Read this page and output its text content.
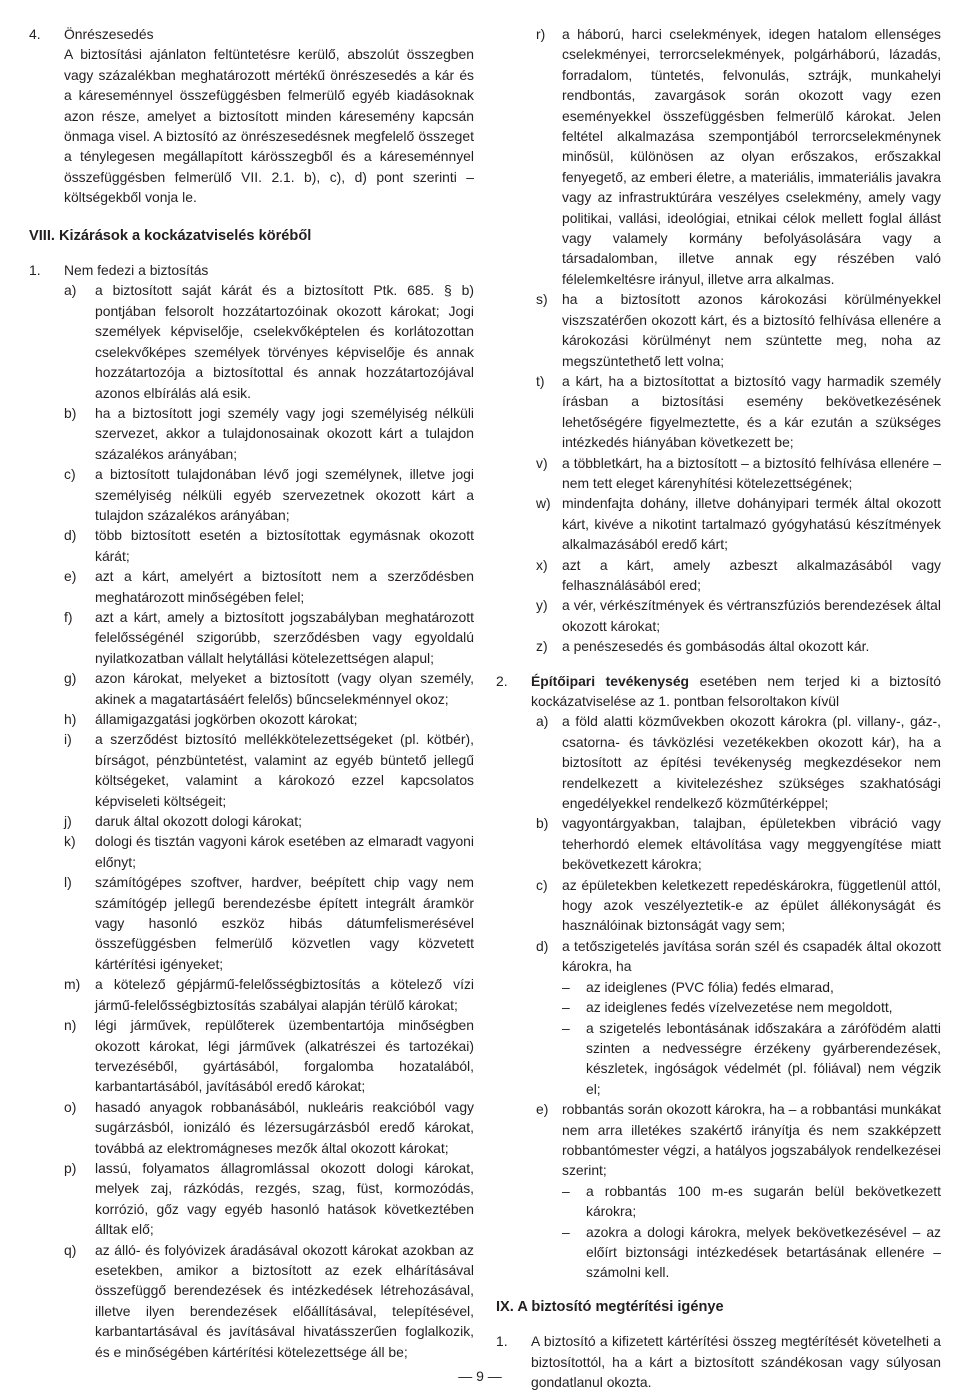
4. Önrészesedés
A biztosítási ajánlaton feltüntetésre kerülő, abszolút összegben vagy százalékban meghatározott mértékű önrészesedés a kár és a káreseménnyel összefüggésben felmerülő egyéb kiadásoknak azon része, amelyet a biztosított minden káresemény kapcsán önmaga visel. A biztosító az önrészesedésnek megfelelő összeget a ténylegesen megállapított kárösszegből és a káreseménnyel összefüggésben felmerülő VII. 2.1. b), c), d) pont szerinti – költségekből vonja le.
VIII. Kizárások a kockázatviselés köréből
1. Nem fedezi a biztosítás
a) a biztosított saját kárát és a biztosított Ptk. 685. § b) pontjában felsorolt hozzátartozóinak okozott károkat; Jogi személyek képviselője, cselekvőképtelen és korlátozottan cselekvőképes személyek törvényes képviselője és annak hozzátartozója a biztosítottal és annak hozzátartozójával azonos elbírálás alá esik.
b) ha a biztosított jogi személy vagy jogi személyiség nélküli szervezet, akkor a tulajdonosainak okozott kárt a tulajdon százalékos arányában;
c) a biztosított tulajdonában lévő jogi személynek, illetve jogi személyiség nélküli egyéb szervezetnek okozott kárt a tulajdon százalékos arányában;
d) több biztosított esetén a biztosítottak egymásnak okozott kárát;
e) azt a kárt, amelyért a biztosított nem a szerződésben meghatározott minőségében felel;
f) azt a kárt, amely a biztosított jogszabályban meghatározott felelősségénél szigorúbb, szerződésben vagy egyoldalú nyilatkozatban vállalt helytállási kötelezettségen alapul;
g) azon károkat, melyeket a biztosított (vagy olyan személy, akinek a magatartásáért felelős) bűncselekménnyel okoz;
h) államigazgatási jogkörben okozott károkat;
i) a szerződést biztosító mellékkötelezettségeket (pl. kötbér), bírságot, pénzbüntetést, valamint az egyéb büntető jellegű költségeket, valamint a károkozó ezzel kapcsolatos képviseleti költségeit;
j) daruk által okozott dologi károkat;
k) dologi és tisztán vagyoni károk esetében az elmaradt vagyoni előnyt;
l) számítógépes szoftver, hardver, beépített chip vagy nem számítógép jellegű berendezésbe épített integrált áramkör vagy hasonló eszköz hibás dátumfelismerésével összefüggésben felmerülő közvetlen vagy közvetett kártérítési igényeket;
m) a kötelező gépjármű-felelősségbiztosítás a kötelező vízi jármű-felelősségbiztosítás szabályai alapján térülő károkat;
n) légi járművek, repülőterek üzembentartója minőségben okozott károkat, légi járművek (alkatrészei és tartozékai) tervezéséből, gyártásából, forgalomba hozatalából, karbantartásából, javításából eredő károkat;
o) hasadó anyagok robbanásából, nukleáris reakcióból vagy sugárzásból, ionizáló és lézersugárzásból eredő károkat, továbbá az elektromágneses mezők által okozott károkat;
p) lassú, folyamatos állagromlással okozott dologi károkat, melyek zaj, rázkódás, rezgés, szag, füst, kormozódás, korrózió, gőz vagy egyéb hasonló hatások következtében álltak elő;
q) az álló- és folyóvizek áradásával okozott károkat azokban az esetekben, amikor a biztosított az ezek elhárításával összefüggő berendezések és intézkedések létrehozásával, illetve ilyen berendezések előállításával, telepítésével, karbantartásával és javításával hivatásszerűen foglalkozik, és e minőségében kártérítési kötelezettsége áll be;
r) a háború, harci cselekmények, idegen hatalom ellenséges cselekményei, terrorcselekmények, polgárháború, lázadás, forradalom, tüntetés, felvonulás, sztrájk, munkahelyi rendbontás, zavargások során okozott vagy ezen eseményekkel összefüggésben felmerülő károkat. Jelen feltétel alkalmazása szempontjából terrorcselekménynek minősül, különösen az olyan erőszakos, erőszakkal fenyegető, az emberi életre, a materiális, immateriális javakra vagy az infrastruktúrára veszélyes cselekmény, amely vagy politikai, vallási, ideológiai, etnikai célok mellett foglal állást vagy valamely kormány befolyásolására vagy a társadalomban, illetve annak egy részében való félelemkeltésre irányul, illetve arra alkalmas.
s) ha a biztosított azonos károkozási körülményekkel viszszatérően okozott kárt, és a biztosító felhívása ellenére a károkozási körülményt nem szüntette meg, noha az megszüntethető lett volna;
t) a kárt, ha a biztosítottat a biztosító vagy harmadik személy írásban a biztosítási esemény bekövetkezésének lehetőségére figyelmeztette, és a kár ezután a szükséges intézkedés hiányában következett be;
v) a többletkárt, ha a biztosított – a biztosító felhívása ellenére – nem tett eleget kárenyhítési kötelezettségének;
w) mindenfajta dohány, illetve dohányipari termék által okozott kárt, kivéve a nikotint tartalmazó gyógyhatású készítmények alkalmazásából eredő kárt;
x) azt a kárt, amely azbeszt alkalmazásából vagy felhasználásából ered;
y) a vér, vérkészítmények és vértranszfúziós berendezések által okozott károkat;
z) a penészesedés és gombásodás által okozott kár.
2. Építőipari tevékenység esetében nem terjed ki a biztosító kockázatviselése az 1. pontban felsoroltakon kívül
a) a föld alatti közművekben okozott károkra (pl. villany-, gáz-, csatorna- és távközlési vezetékekben okozott kár), ha a biztosított az építési tevékenység megkezdésekor nem rendelkezett a kivitelezéshez szükséges szakhatósági engedélyekkel rendelkező közműtérképpel;
b) vagyontárgyakban, talajban, épületekben vibráció vagy teherhordó elemek eltávolítása vagy meggyengítése miatt bekövetkezett károkra;
c) az épületekben keletkezett repedéskárokra, függetlenül attól, hogy azok veszélyeztetik-e az épület állékonyságát és használóinak biztonságát vagy sem;
d) a tetőszigetelés javítása során szél és csapadék által okozott károkra, ha
– az ideiglenes (PVC fólia) fedés elmarad,
– az ideiglenes fedés vízelvezetése nem megoldott,
– a szigetelés lebontásának időszakára a zárófödém alatti szinten a nedvességre érzékeny gyárberendezések, készletek, ingóságok védelmét (pl. fóliával) nem végzik el;
e) robbantás során okozott károkra, ha – a robbantási munkákat nem arra illetékes szakértő irányítja és nem szakképzett robbantómester végzi, a hatályos jogszabályok rendelkezései szerint;
– a robbantás 100 m-es sugarán belül bekövetkezett károkra;
– azokra a dologi károkra, melyek bekövetkezésével – az előírt biztonsági intézkedések betartásának ellenére – számolni kell.
IX. A biztosító megtérítési igénye
1. A biztosító a kifizetett kártérítési összeg megtérítését követelheti a biztosítottól, ha a kárt a biztosított szándékosan vagy súlyosan gondatlanul okozta.
— 9 —
